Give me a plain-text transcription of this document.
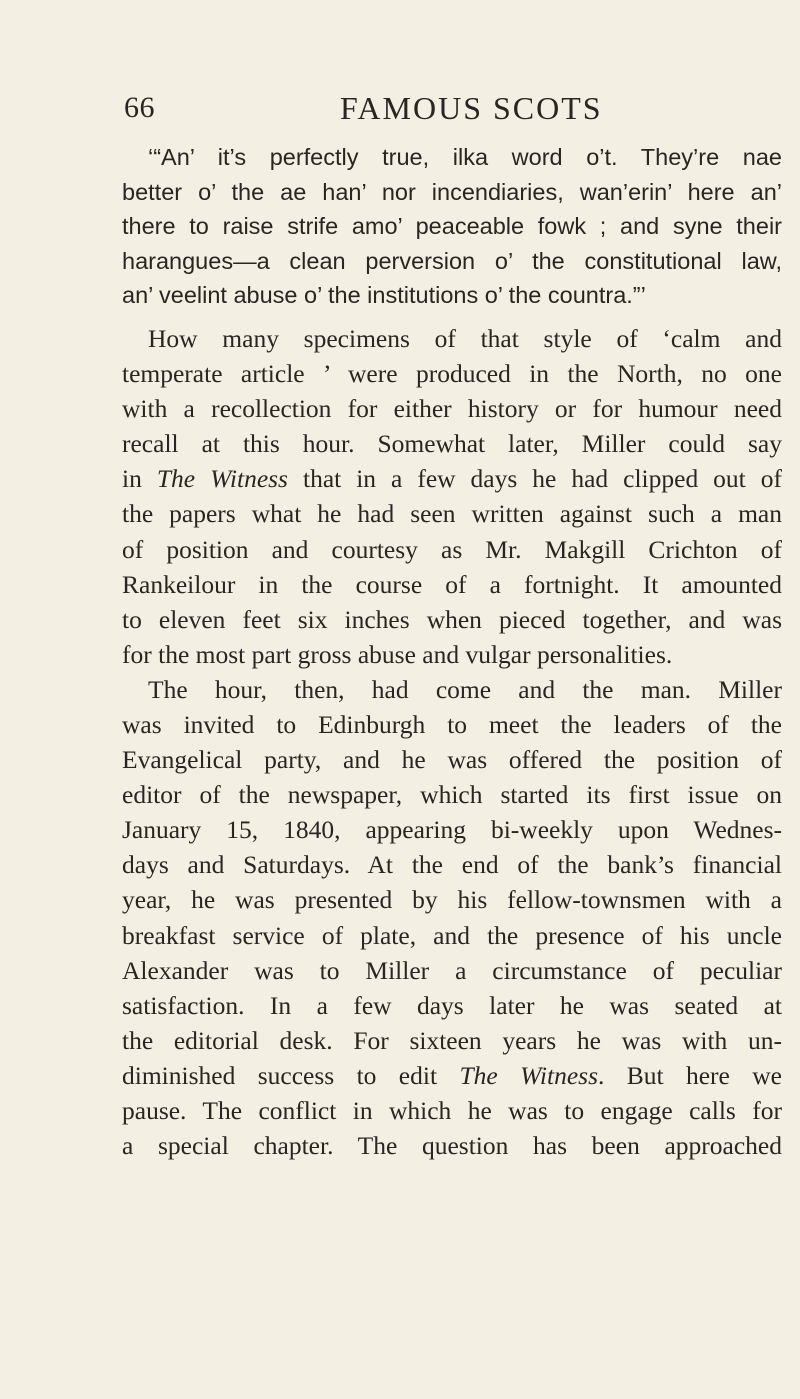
66	FAMOUS SCOTS
‘“An’ it’s perfectly true, ilka word o’t. They’re nae
better o’ the ae han’ nor incendiaries, wan’erin’ here an’
there to raise strife amo’ peaceable fowk ; and syne their
harangues—a clean perversion o’ the constitutional law,
an’ veelint abuse o’ the institutions o’ the countra.”’
How many specimens of that style of ‘calm and
temperate article ’ were produced in the North, no one
with a recollection for either history or for humour need
recall at this hour. Somewhat later, Miller could say
in The Witness that in a few days he had clipped out of
the papers what he had seen written against such a man
of position and courtesy as Mr. Makgill Crichton of
Rankeilour in the course of a fortnight. It amounted
to eleven feet six inches when pieced together, and was
for the most part gross abuse and vulgar personalities.
The hour, then, had come and the man. Miller
was invited to Edinburgh to meet the leaders of the
Evangelical party, and he was offered the position of
editor of the newspaper, which started its first issue on
January 15, 1840, appearing bi-weekly upon Wednes-
days and Saturdays. At the end of the bank’s financial
year, he was presented by his fellow-townsmen with a
breakfast service of plate, and the presence of his uncle
Alexander was to Miller a circumstance of peculiar
satisfaction. In a few days later he was seated at
the editorial desk. For sixteen years he was with un-
diminished success to edit The Witness. But here we
pause. The conflict in which he was to engage calls for
a special chapter. The question has been approached
